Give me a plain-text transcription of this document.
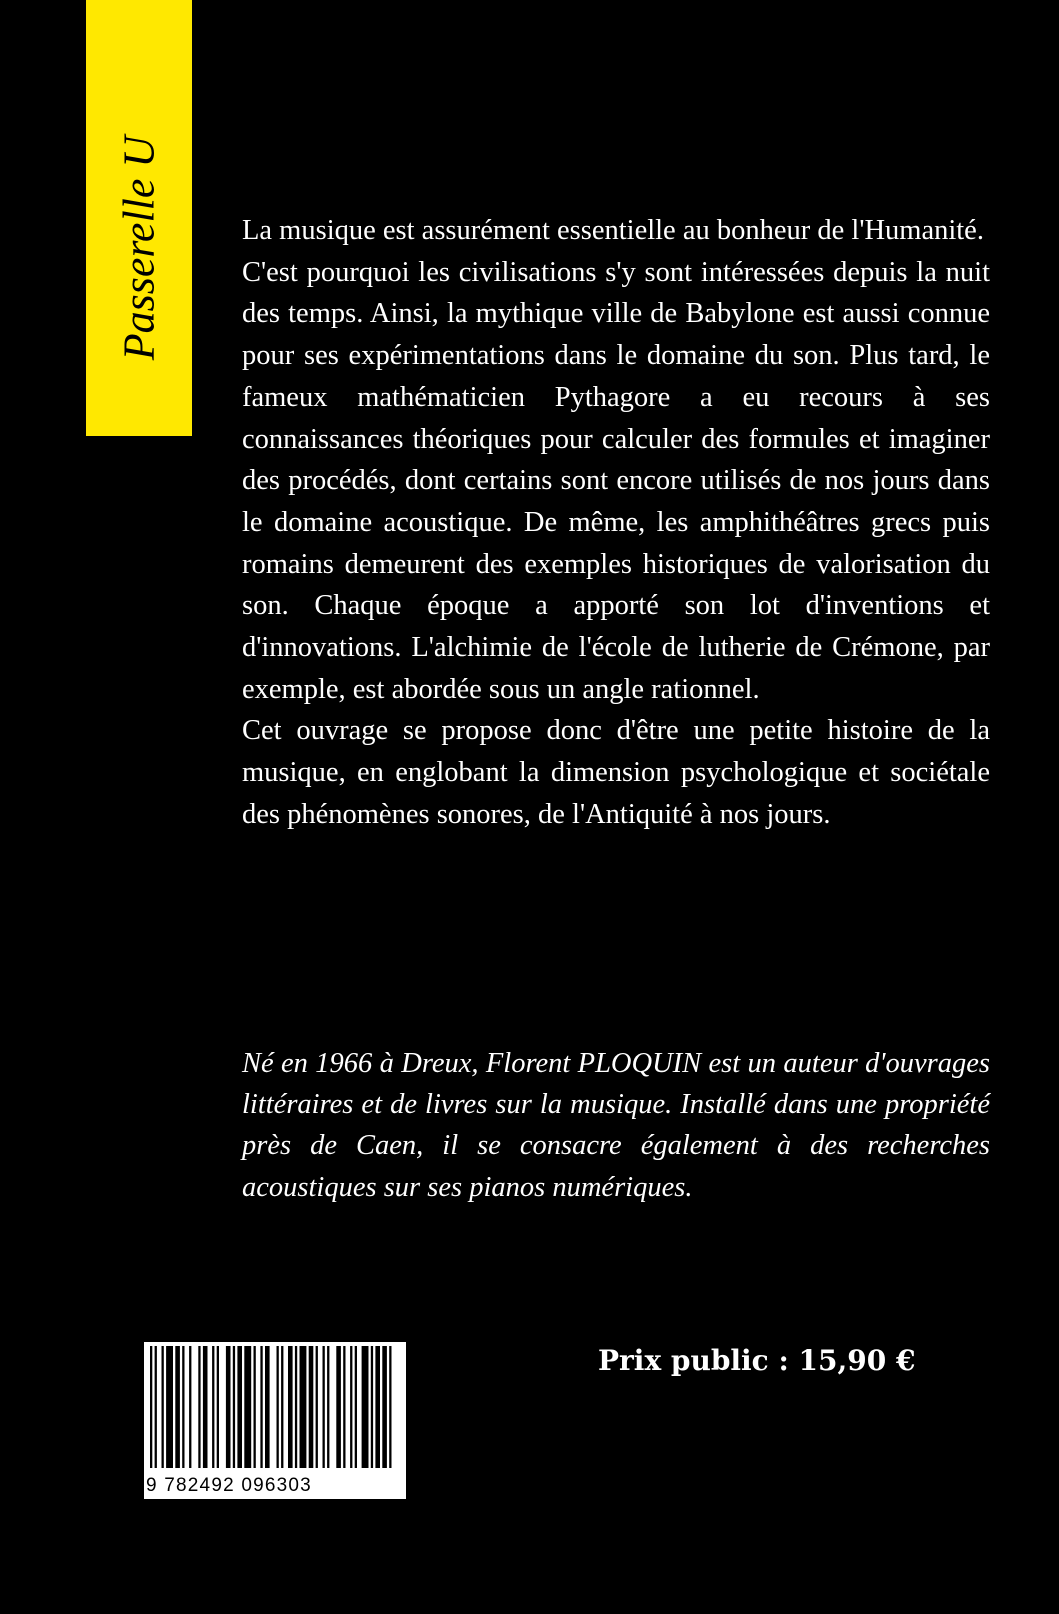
Passerelle U	La musique est assurément essentielle au bonheur de l'Humanité.

C'est pourquoi les civilisations s'y sont intéressées depuis la nuit des temps. Ainsi, la mythique ville de Babylone est aussi connue pour ses expérimentations dans le domaine du son. Plus tard, le fameux mathématicien Pythagore a eu recours à ses connaissances théoriques pour calculer des formules et imaginer des procédés, dont certains sont encore utilisés de nos jours dans le domaine acoustique. De même, les amphithéâtres grecs puis romains demeurent des exemples historiques de valorisation du son. Chaque époque a apporté son lot d'inventions et d'innovations. L'alchimie de l'école de lutherie de Crémone, par exemple, est abordée sous un angle rationnel.

Cet ouvrage se propose donc d'être une petite histoire de la musique, en englobant la dimension psychologique et sociétale des phénomènes sonores, de l'Antiquité à nos jours.

Né en 1966 à Dreux, Florent PLOQUIN est un auteur d'ouvrages littéraires et de livres sur la musique. Installé dans une propriété près de Caen, il se consacre également à des recherches acoustiques sur ses pianos numériques.

9 782492 096303
Prix public : 15,90 €
